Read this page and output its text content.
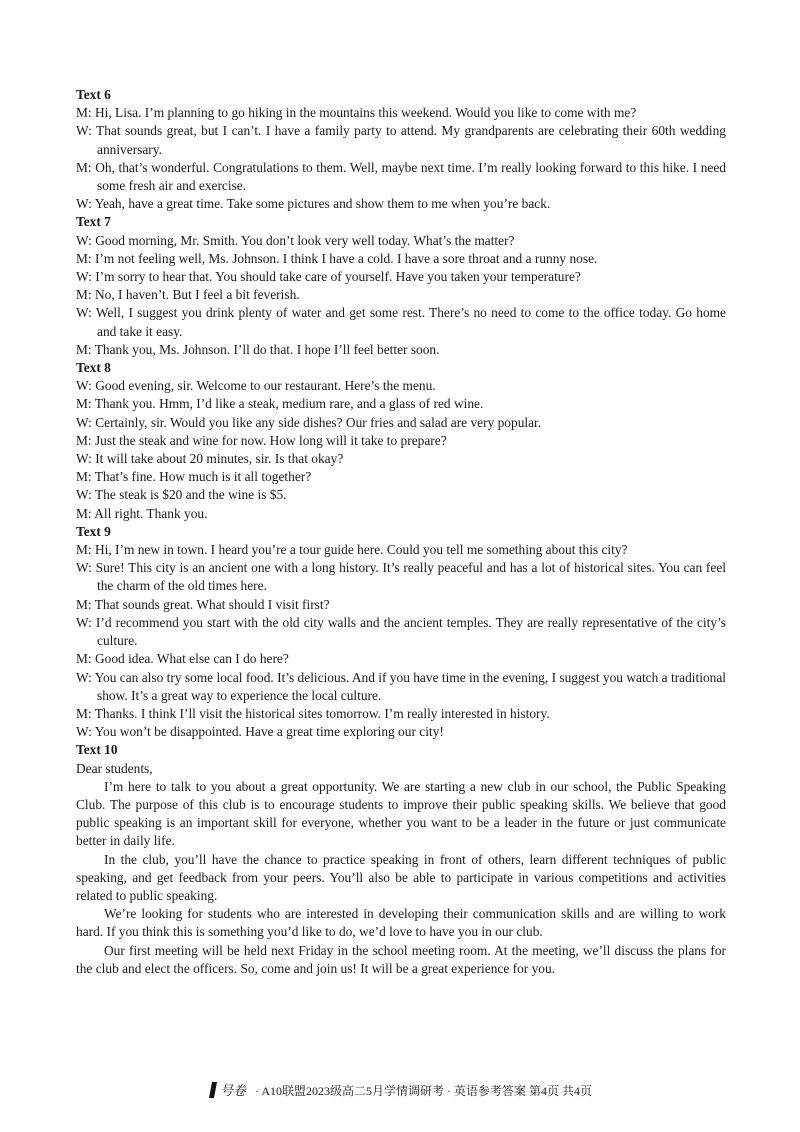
Text 6

M: Hi, Lisa. I’m planning to go hiking in the mountains this weekend. Would you like to come with me?

W: That sounds great, but I can’t. I have a family party to attend. My grandparents are celebrating their 60th wedding anniversary.

M: Oh, that’s wonderful. Congratulations to them. Well, maybe next time. I’m really looking forward to this hike. I need some fresh air and exercise.

W: Yeah, have a great time. Take some pictures and show them to me when you’re back.

Text 7

W: Good morning, Mr. Smith. You don’t look very well today. What’s the matter?

M: I’m not feeling well, Ms. Johnson. I think I have a cold. I have a sore throat and a runny nose.

W: I’m sorry to hear that. You should take care of yourself. Have you taken your temperature?

M: No, I haven’t. But I feel a bit feverish.

W: Well, I suggest you drink plenty of water and get some rest. There’s no need to come to the office today. Go home and take it easy.

M: Thank you, Ms. Johnson. I’ll do that. I hope I’ll feel better soon.

Text 8

W: Good evening, sir. Welcome to our restaurant. Here’s the menu.

M: Thank you. Hmm, I’d like a steak, medium rare, and a glass of red wine.

W: Certainly, sir. Would you like any side dishes? Our fries and salad are very popular.

M: Just the steak and wine for now. How long will it take to prepare?

W: It will take about 20 minutes, sir. Is that okay?

M: That’s fine. How much is it all together?

W: The steak is $20 and the wine is $5.

M: All right. Thank you.

Text 9

M: Hi, I’m new in town. I heard you’re a tour guide here. Could you tell me something about this city?

W: Sure! This city is an ancient one with a long history. It’s really peaceful and has a lot of historical sites. You can feel the charm of the old times here.

M: That sounds great. What should I visit first?

W: I’d recommend you start with the old city walls and the ancient temples. They are really representative of the city’s culture.

M: Good idea. What else can I do here?

W: You can also try some local food. It’s delicious. And if you have time in the evening, I suggest you watch a traditional show. It’s a great way to experience the local culture.

M: Thanks. I think I’ll visit the historical sites tomorrow. I’m really interested in history.

W: You won’t be disappointed. Have a great time exploring our city!

Text 10

Dear students,

I’m here to talk to you about a great opportunity. We are starting a new club in our school, the Public Speaking Club. The purpose of this club is to encourage students to improve their public speaking skills. We believe that good public speaking is an important skill for everyone, whether you want to be a leader in the future or just communicate better in daily life.

In the club, you’ll have the chance to practice speaking in front of others, learn different techniques of public speaking, and get feedback from your peers. You’ll also be able to participate in various competitions and activities related to public speaking.

We’re looking for students who are interested in developing their communication skills and are willing to work hard. If you think this is something you’d like to do, we’d love to have you in our club.

Our first meeting will be held next Friday in the school meeting room. At the meeting, we’ll discuss the plans for the club and elect the officers. So, come and join us! It will be a great experience for you.

号卷 · A10联盟2023级高二5月学情调研考 · 英语参考答案 第4页 共4页
